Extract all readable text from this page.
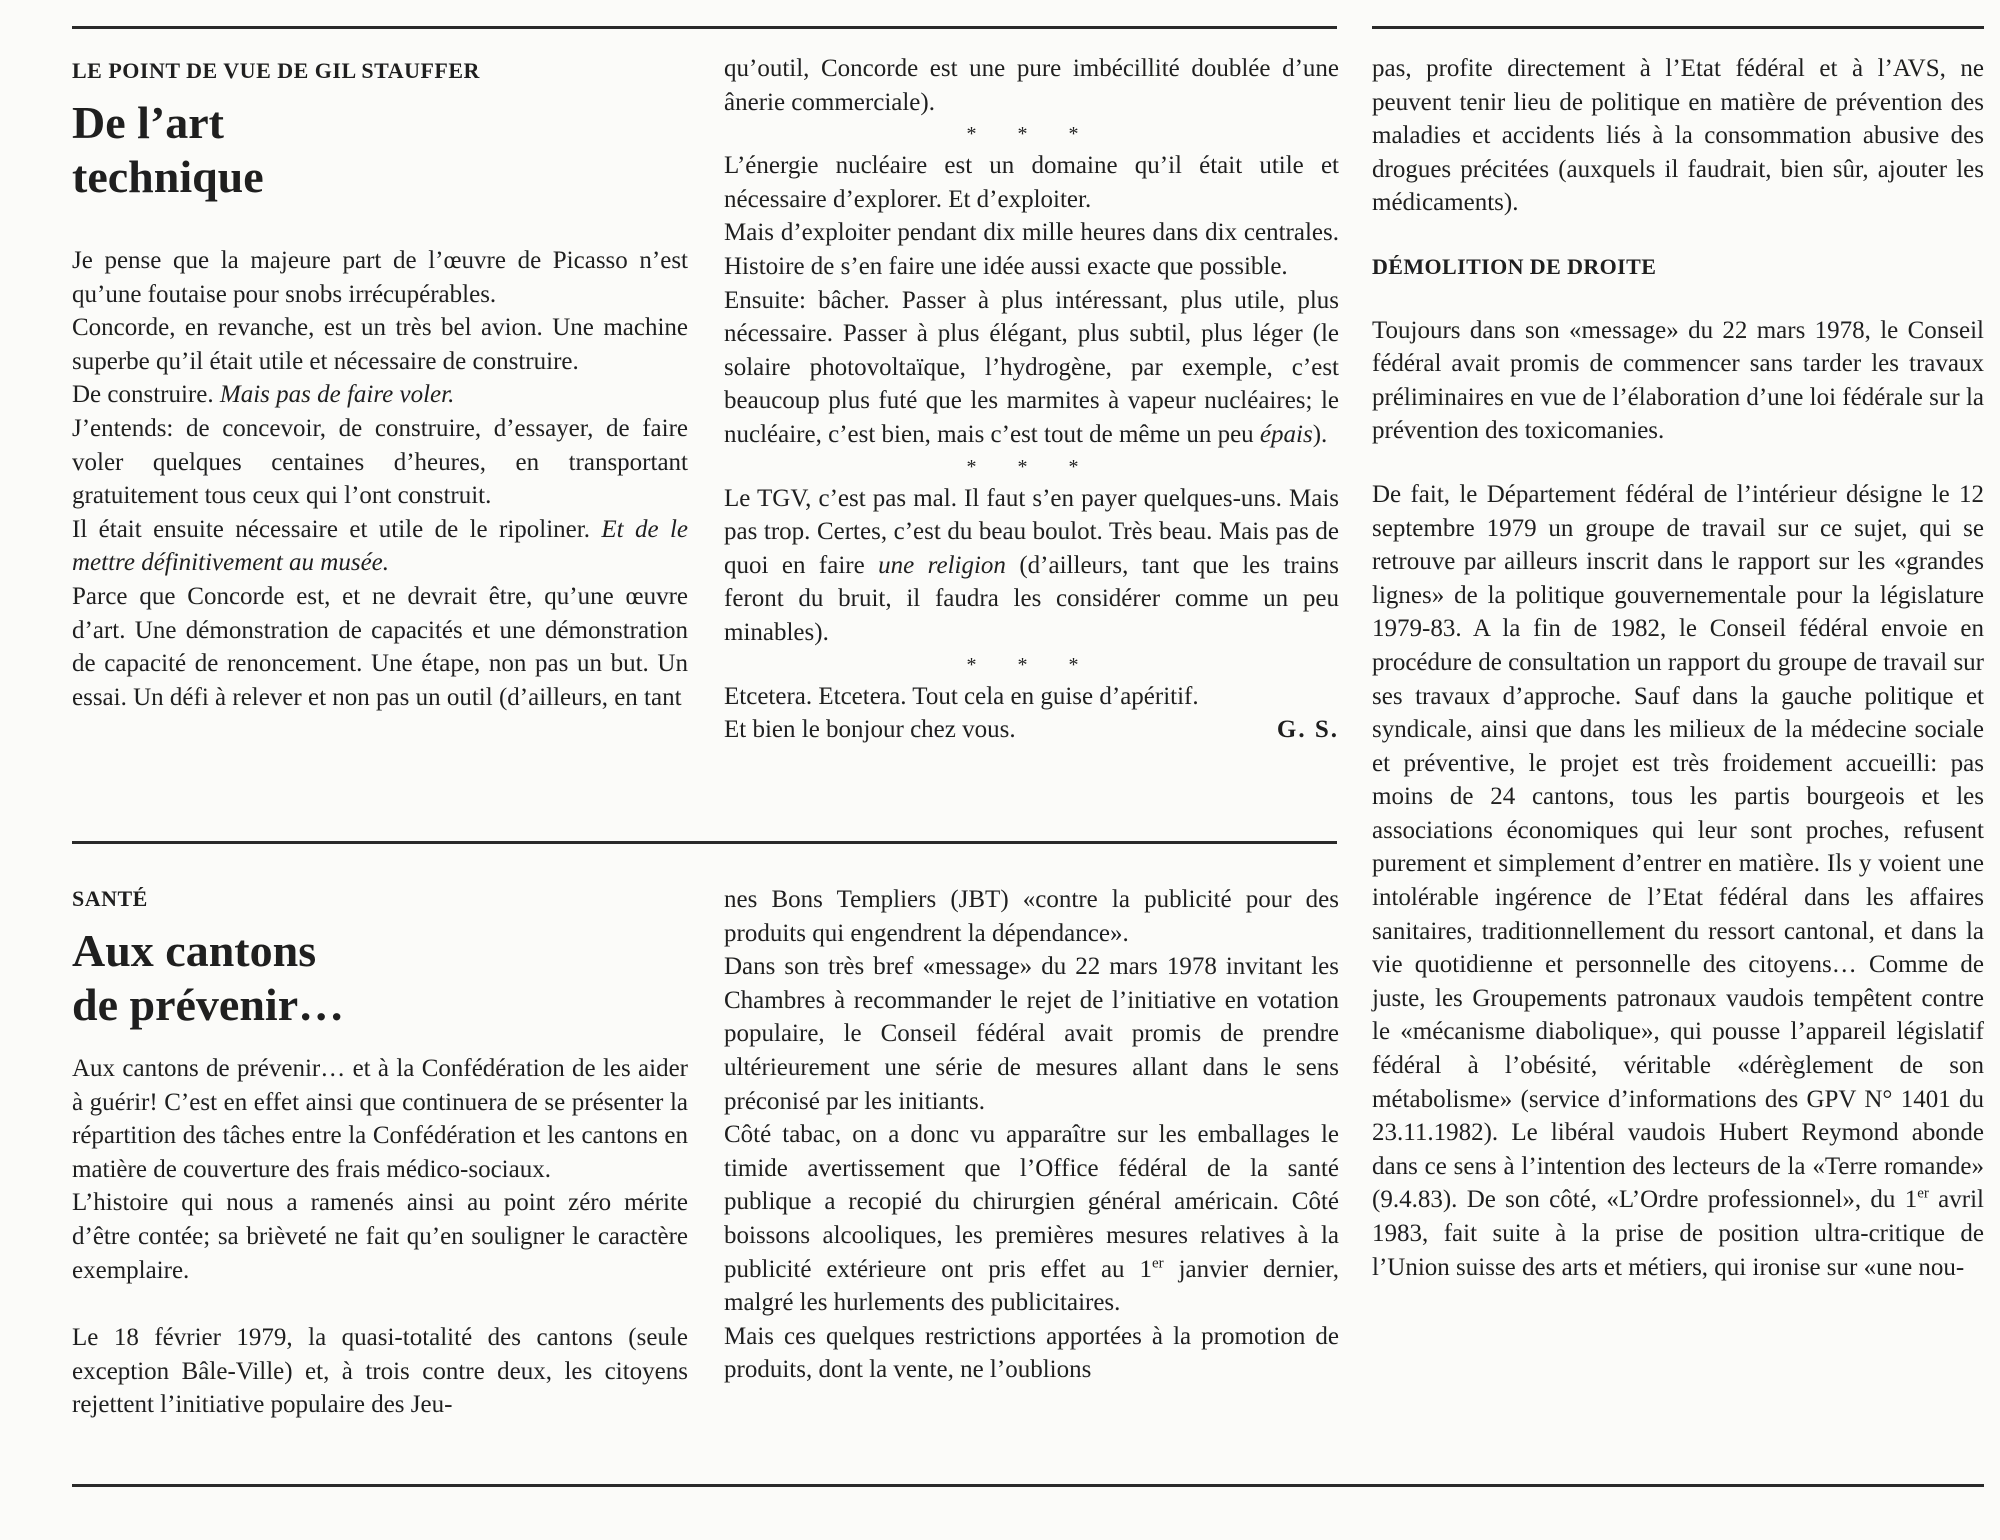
LE POINT DE VUE DE GIL STAUFFER
De l’art
technique

Je pense que la majeure part de l’œuvre de Picasso n’est qu’une foutaise pour snobs irrécupérables.

Concorde, en revanche, est un très bel avion. Une machine superbe qu’il était utile et nécessaire de construire.

De construire. Mais pas de faire voler.

J’entends: de concevoir, de construire, d’essayer, de faire voler quelques centaines d’heures, en transportant gratuitement tous ceux qui l’ont construit.

Il était ensuite nécessaire et utile de le ripoliner. Et de le mettre définitivement au musée.

Parce que Concorde est, et ne devrait être, qu’une œuvre d’art. Une démonstration de capacités et une démonstration de capacité de renoncement. Une étape, non pas un but. Un essai. Un défi à relever et non pas un outil (d’ailleurs, en tant

qu’outil, Concorde est une pure imbécillité doublée d’une ânerie commerciale).

* * *

L’énergie nucléaire est un domaine qu’il était utile et nécessaire d’explorer. Et d’exploiter.

Mais d’exploiter pendant dix mille heures dans dix centrales. Histoire de s’en faire une idée aussi exacte que possible.

Ensuite: bâcher. Passer à plus intéressant, plus utile, plus nécessaire. Passer à plus élégant, plus subtil, plus léger (le solaire photovoltaïque, l’hydrogène, par exemple, c’est beaucoup plus futé que les marmites à vapeur nucléaires; le nucléaire, c’est bien, mais c’est tout de même un peu épais).

* * *

Le TGV, c’est pas mal. Il faut s’en payer quelques-uns. Mais pas trop. Certes, c’est du beau boulot. Très beau. Mais pas de quoi en faire une religion (d’ailleurs, tant que les trains feront du bruit, il faudra les considérer comme un peu minables).

* * *

Etcetera. Etcetera. Tout cela en guise d’apéritif.

Et bien le bonjour chez vous.	G. S.
SANTÉ
Aux cantons
de prévenir…

Aux cantons de prévenir… et à la Confédération de les aider à guérir! C’est en effet ainsi que continuera de se présenter la répartition des tâches entre la Confédération et les cantons en matière de couverture des frais médico-sociaux.

L’histoire qui nous a ramenés ainsi au point zéro mérite d’être contée; sa brièveté ne fait qu’en souligner le caractère exemplaire.

Le 18 février 1979, la quasi-totalité des cantons (seule exception Bâle-Ville) et, à trois contre deux, les citoyens rejettent l’initiative populaire des Jeu-

nes Bons Templiers (JBT) «contre la publicité pour des produits qui engendrent la dépendance».

Dans son très bref «message» du 22 mars 1978 invitant les Chambres à recommander le rejet de l’initiative en votation populaire, le Conseil fédéral avait promis de prendre ultérieurement une série de mesures allant dans le sens préconisé par les initiants.

Côté tabac, on a donc vu apparaître sur les emballages le timide avertissement que l’Office fédéral de la santé publique a recopié du chirurgien général américain. Côté boissons alcooliques, les premières mesures relatives à la publicité extérieure ont pris effet au 1er janvier dernier, malgré les hurlements des publicitaires.

Mais ces quelques restrictions apportées à la promotion de produits, dont la vente, ne l’oublions

pas, profite directement à l’Etat fédéral et à l’AVS, ne peuvent tenir lieu de politique en matière de prévention des maladies et accidents liés à la consommation abusive des drogues précitées (auxquels il faudrait, bien sûr, ajouter les médicaments).

DÉMOLITION DE DROITE

Toujours dans son «message» du 22 mars 1978, le Conseil fédéral avait promis de commencer sans tarder les travaux préliminaires en vue de l’élaboration d’une loi fédérale sur la prévention des toxicomanies.

De fait, le Département fédéral de l’intérieur désigne le 12 septembre 1979 un groupe de travail sur ce sujet, qui se retrouve par ailleurs inscrit dans le rapport sur les «grandes lignes» de la politique gouvernementale pour la législature 1979-83. A la fin de 1982, le Conseil fédéral envoie en procédure de consultation un rapport du groupe de travail sur ses travaux d’approche. Sauf dans la gauche politique et syndicale, ainsi que dans les milieux de la médecine sociale et préventive, le projet est très froidement accueilli: pas moins de 24 cantons, tous les partis bourgeois et les associations économiques qui leur sont proches, refusent purement et simplement d’entrer en matière. Ils y voient une intolérable ingérence de l’Etat fédéral dans les affaires sanitaires, traditionnellement du ressort cantonal, et dans la vie quotidienne et personnelle des citoyens… Comme de juste, les Groupements patronaux vaudois tempêtent contre le «mécanisme diabolique», qui pousse l’appareil législatif fédéral à l’obésité, véritable «dérèglement de son métabolisme» (service d’informations des GPV N° 1401 du 23.11.1982). Le libéral vaudois Hubert Reymond abonde dans ce sens à l’intention des lecteurs de la «Terre romande» (9.4.83). De son côté, «L’Ordre professionnel», du 1er avril 1983, fait suite à la prise de position ultra-critique de l’Union suisse des arts et métiers, qui ironise sur «une nou-
